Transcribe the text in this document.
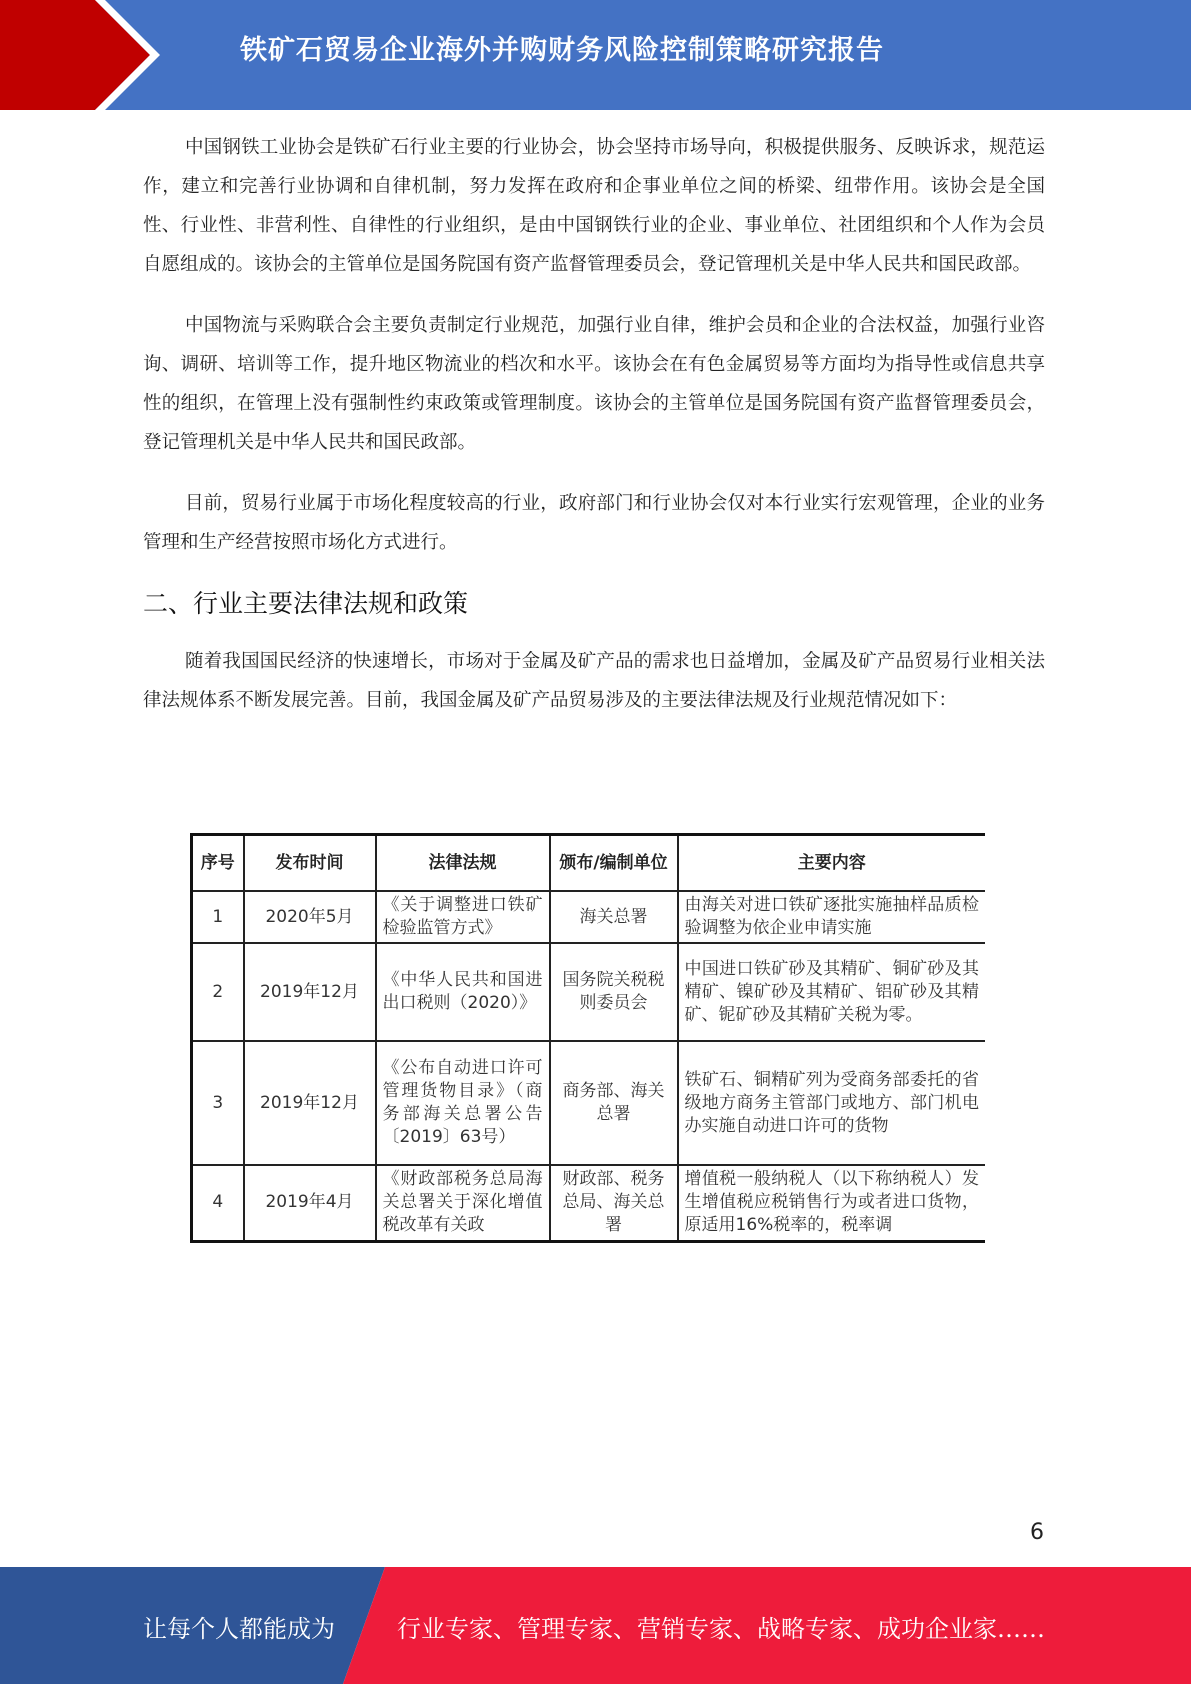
铁矿石贸易企业海外并购财务风险控制策略研究报告

中国钢铁工业协会是铁矿石行业主要的行业协会，协会坚持市场导向，积极提供服务、反映诉求，规范运作，建立和完善行业协调和自律机制，努力发挥在政府和企事业单位之间的桥梁、纽带作用。该协会是全国性、行业性、非营利性、自律性的行业组织，是由中国钢铁行业的企业、事业单位、社团组织和个人作为会员自愿组成的。该协会的主管单位是国务院国有资产监督管理委员会，登记管理机关是中华人民共和国民政部。

中国物流与采购联合会主要负责制定行业规范，加强行业自律，维护会员和企业的合法权益，加强行业咨询、调研、培训等工作，提升地区物流业的档次和水平。该协会在有色金属贸易等方面均为指导性或信息共享性的组织，在管理上没有强制性约束政策或管理制度。该协会的主管单位是国务院国有资产监督管理委员会，登记管理机关是中华人民共和国民政部。

目前，贸易行业属于市场化程度较高的行业，政府部门和行业协会仅对本行业实行宏观管理，企业的业务管理和生产经营按照市场化方式进行。

二、行业主要法律法规和政策

随着我国国民经济的快速增长，市场对于金属及矿产品的需求也日益增加，金属及矿产品贸易行业相关法律法规体系不断发展完善。目前，我国金属及矿产品贸易涉及的主要法律法规及行业规范情况如下：

序号	发布时间	法律法规	颁布/编制单位	主要内容
1	2020年5月	《关于调整进口铁矿检验监管方式》	海关总署	由海关对进口铁矿逐批实施抽样品质检验调整为依企业申请实施
2	2019年12月	《中华人民共和国进出口税则（2020）》	国务院关税税则委员会	中国进口铁矿砂及其精矿、铜矿砂及其精矿、镍矿砂及其精矿、铝矿砂及其精矿、铌矿砂及其精矿关税为零。
3	2019年12月	《公布自动进口许可管理货物目录》（商务部海关总署公告〔2019〕63号）	商务部、海关总署	铁矿石、铜精矿列为受商务部委托的省级地方商务主管部门或地方、部门机电办实施自动进口许可的货物
4	2019年4月	《财政部税务总局海关总署关于深化增值税改革有关政	财政部、税务总局、海关总署	增值税一般纳税人（以下称纳税人）发生增值税应税销售行为或者进口货物，原适用16%税率的，税率调
6
让每个人都能成为	行业专家、管理专家、营销专家、战略专家、成功企业家……
